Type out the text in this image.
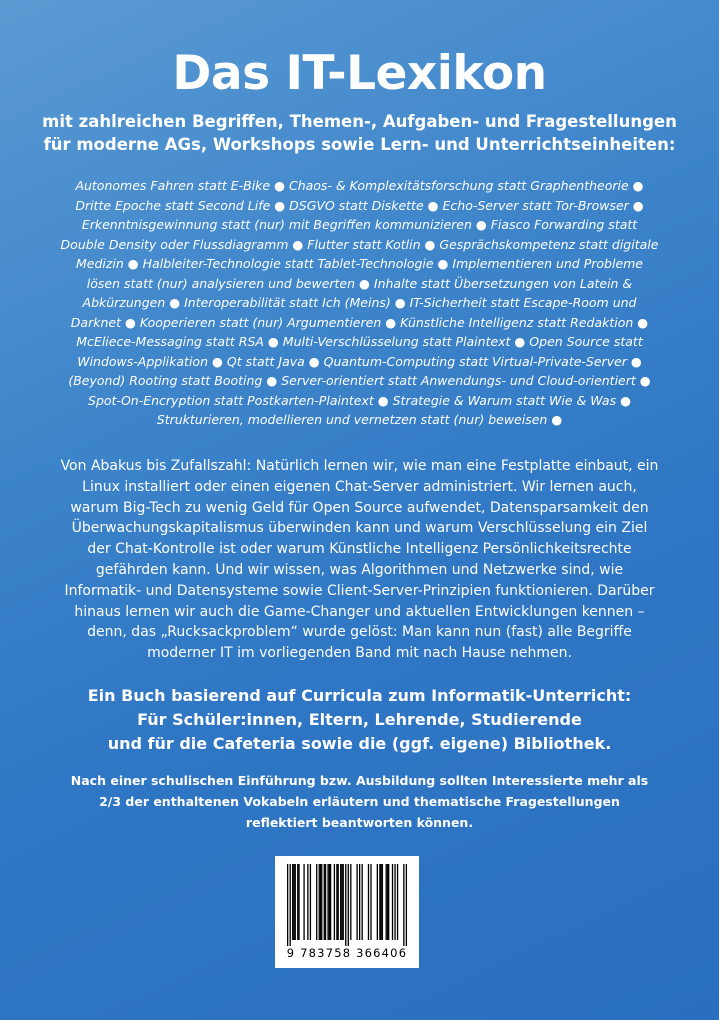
Das IT-Lexikon
mit zahlreichen Begriffen, Themen-, Aufgaben- und Fragestellungen
für moderne AGs, Workshops sowie Lern- und Unterrichtseinheiten:
Autonomes Fahren statt E-Bike ● Chaos- & Komplexitätsforschung statt Graphentheorie ●
Dritte Epoche statt Second Life ● DSGVO statt Diskette ● Echo-Server statt Tor-Browser ●
Erkenntnisgewinnung statt (nur) mit Begriffen kommunizieren ● Fiasco Forwarding statt
Double Density oder Flussdiagramm ● Flutter statt Kotlin ● Gesprächskompetenz statt digitale
Medizin ● Halbleiter-Technologie statt Tablet-Technologie ● Implementieren und Probleme
lösen statt (nur) analysieren und bewerten ● Inhalte statt Übersetzungen von Latein &
Abkürzungen ● Interoperabilität statt Ich (Meins) ● IT-Sicherheit statt Escape-Room und
Darknet ● Kooperieren statt (nur) Argumentieren ● Künstliche Intelligenz statt Redaktion ●
McEliece-Messaging statt RSA ● Multi-Verschlüsselung statt Plaintext ● Open Source statt
Windows-Applikation ● Qt statt Java ● Quantum-Computing statt Virtual-Private-Server ●
(Beyond) Rooting statt Booting ● Server-orientiert statt Anwendungs- und Cloud-orientiert ●
Spot-On-Encryption statt Postkarten-Plaintext ● Strategie & Warum statt Wie & Was ●
Strukturieren, modellieren und vernetzen statt (nur) beweisen ●
Von Abakus bis Zufallszahl: Natürlich lernen wir, wie man eine Festplatte einbaut, ein
Linux installiert oder einen eigenen Chat-Server administriert. Wir lernen auch,
warum Big-Tech zu wenig Geld für Open Source aufwendet, Datensparsamkeit den
Überwachungskapitalismus überwinden kann und warum Verschlüsselung ein Ziel
der Chat-Kontrolle ist oder warum Künstliche Intelligenz Persönlichkeitsrechte
gefährden kann. Und wir wissen, was Algorithmen und Netzwerke sind, wie
Informatik- und Datensysteme sowie Client-Server-Prinzipien funktionieren. Darüber
hinaus lernen wir auch die Game-Changer und aktuellen Entwicklungen kennen –
denn, das „Rucksackproblem“ wurde gelöst: Man kann nun (fast) alle Begriffe
moderner IT im vorliegenden Band mit nach Hause nehmen.
Ein Buch basierend auf Curricula zum Informatik-Unterricht:
Für Schüler:innen, Eltern, Lehrende, Studierende
und für die Cafeteria sowie die (ggf. eigene) Bibliothek.
Nach einer schulischen Einführung bzw. Ausbildung sollten Interessierte mehr als
2/3 der enthaltenen Vokabeln erläutern und thematische Fragestellungen
reflektiert beantworten können.
9 783758 366406
